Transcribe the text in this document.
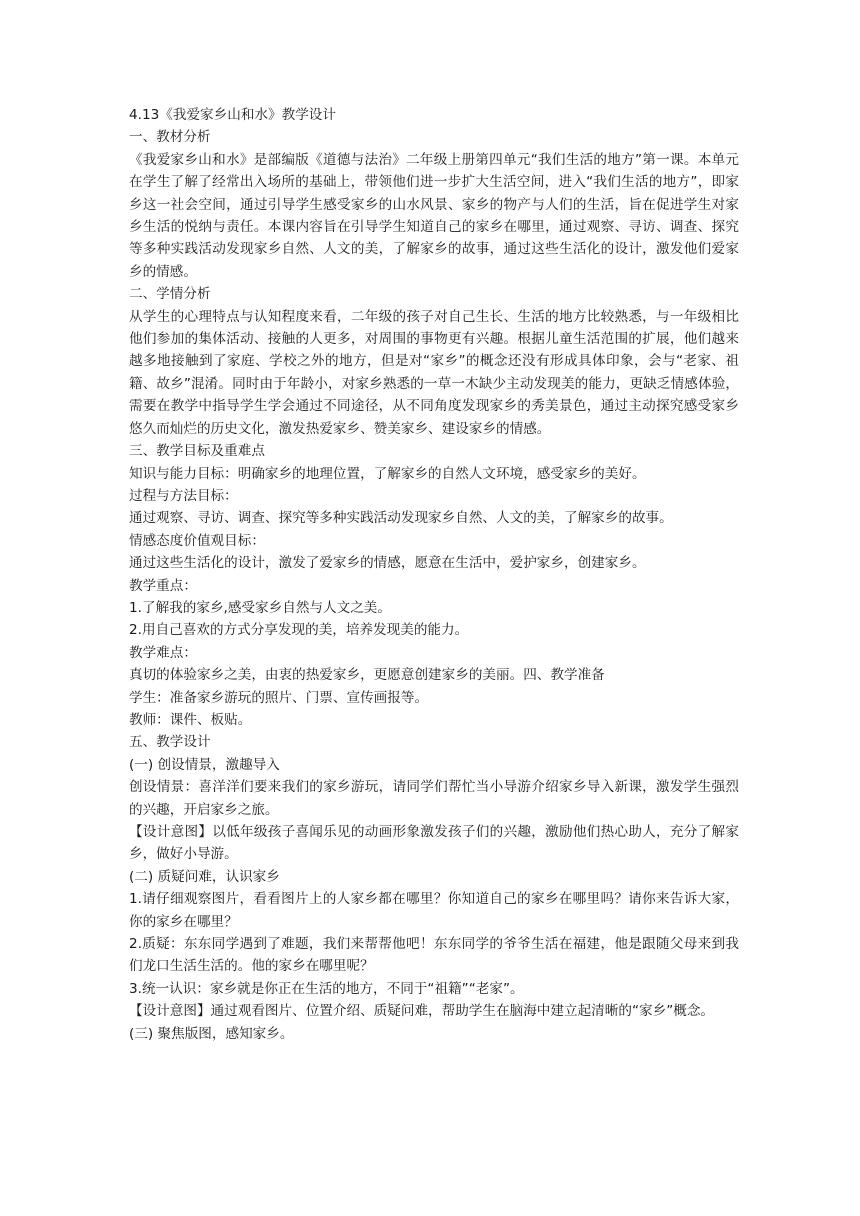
4.13《我爱家乡山和水》教学设计

一、教材分析

《我爱家乡山和水》是部编版《道德与法治》二年级上册第四单元“我们生活的地方”第一课。本单元在学生了解了经常出入场所的基础上，带领他们进一步扩大生活空间，进入“我们生活的地方”，即家乡这一社会空间，通过引导学生感受家乡的山水风景、家乡的物产与人们的生活，旨在促进学生对家乡生活的悦纳与责任。本课内容旨在引导学生知道自己的家乡在哪里，通过观察、寻访、调查、探究等多种实践活动发现家乡自然、人文的美，了解家乡的故事，通过这些生活化的设计，激发他们爱家乡的情感。

二、学情分析

从学生的心理特点与认知程度来看，二年级的孩子对自己生长、生活的地方比较熟悉，与一年级相比他们参加的集体活动、接触的人更多，对周围的事物更有兴趣。根据儿童生活范围的扩展，他们越来越多地接触到了家庭、学校之外的地方，但是对“家乡”的概念还没有形成具体印象，会与“老家、祖籍、故乡”混淆。同时由于年龄小，对家乡熟悉的一草一木缺少主动发现美的能力，更缺乏情感体验，需要在教学中指导学生学会通过不同途径，从不同角度发现家乡的秀美景色，通过主动探究感受家乡悠久而灿烂的历史文化，激发热爱家乡、赞美家乡、建设家乡的情感。

三、教学目标及重难点

知识与能力目标：明确家乡的地理位置，了解家乡的自然人文环境，感受家乡的美好。

过程与方法目标：

通过观察、寻访、调查、探究等多种实践活动发现家乡自然、人文的美，了解家乡的故事。

情感态度价值观目标：

通过这些生活化的设计，激发了爱家乡的情感，愿意在生活中，爱护家乡，创建家乡。

教学重点：

1.了解我的家乡,感受家乡自然与人文之美。

2.用自己喜欢的方式分享发现的美，培养发现美的能力。

教学难点：

真切的体验家乡之美，由衷的热爱家乡，更愿意创建家乡的美丽。四、教学准备

学生：准备家乡游玩的照片、门票、宣传画报等。

教师：课件、板贴。

五、教学设计

(一) 创设情景，激趣导入

创设情景：喜洋洋们要来我们的家乡游玩，请同学们帮忙当小导游介绍家乡导入新课，激发学生强烈的兴趣，开启家乡之旅。

【设计意图】以低年级孩子喜闻乐见的动画形象激发孩子们的兴趣，激励他们热心助人，充分了解家乡，做好小导游。

(二) 质疑问难，认识家乡

1.请仔细观察图片，看看图片上的人家乡都在哪里？你知道自己的家乡在哪里吗？请你来告诉大家，你的家乡在哪里？

2.质疑：东东同学遇到了难题，我们来帮帮他吧！东东同学的爷爷生活在福建，他是跟随父母来到我们龙口生活生活的。他的家乡在哪里呢？

3.统一认识：家乡就是你正在生活的地方，不同于“祖籍”“老家”。

【设计意图】通过观看图片、位置介绍、质疑问难，帮助学生在脑海中建立起清晰的“家乡”概念。

(三) 聚焦版图，感知家乡。
